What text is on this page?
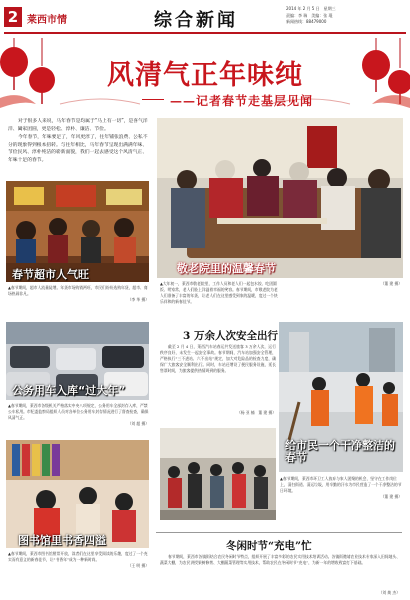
2 莱西市情	综合新闻
2014 年 2 月 5 日　 星期三
责编：李 瑞　美编：张 琨
新闻热线：88479000
风清气正年味纯
——记者春节走基层见闻

对于很多人来说，马年春节是均属于“马上有一切”，是喜气洋洋、阖家团圆，更是轻松、淳朴、廉洁、节俭。

今年春节，年味要足了，年风更淳了，往年铺张浪费、公私不分的现象得到根本扭转。与往年相比，马年春节呈现出满满年味、节俭民风、淳朴纯洁的崭新面貌，我们一起去感受这个风清气正、年味十足的春节。

春节超市人气旺
▲春节期间，超市人流量陡增。年货市场购销两旺，市民们纷纷选购年货，超市、商场热闹非凡。
（李 华 摄）
敬老院里的温馨春节
▲大年初一，莱西市敬老院里，工作人员和老人们一起包水饺、吃团圆饭、唠家常，老人们脸上洋溢着幸福的笑容。春节期间，市敬老院为老人们准备了丰富的年货，让老人们在这里感受到家的温暖，度过一个快乐祥和的新春佳节。
（董 建 摄）
公务用车入库“过大年”
▲春节期间，莱西市各级机关严格落实中央八项规定，公务用车全部封存入库，严禁公车私用。市纪委监察局组织人员对各单位公务用车封存情况进行了督查检查，确保风清气正。
（刘 超 摄）
3 万余人次安全出行
截至 2 月 4 日，莱西汽车站春运共发送旅客 3 万余人次，运行秩序良好，未发生一起安全事故。春节期间，汽车站加强安全管理，严格执行“三不进站、六不出站”规定，加大对危险品的检查力度，确保广大旅客安全顺利出行。同时，车站还增设了便民服务设施，延长售票时间，为旅客提供热情周到的服务。
（杨 亚 楠　董 建 摄）
给市民一个干净整洁的春节
▲春节期间，莱西市环卫工人放弃与家人团聚的机会，坚守在工作岗位上，清扫街道、清运垃圾，用辛勤的汗水为市民营造了一个干净整洁的节日环境。
（董 建 摄）
图书馆里书香四溢
▲春节期间，莱西市图书馆照常开放，读者们在这里享受阅读的乐趣，度过了一个充实而有意义的新春佳节，让“书香年”成为一种新时尚。
（王 明 摄）
冬闲时节“充电”忙
春节期间，莱西市各镇街结合农民冬闲时节特点，组织开展了丰富多彩的农民实用技术培训活动。各镇街邀请农业技术专家深入田间地头、蔬菜大棚，为农民讲授果树修剪、大棚蔬菜管理等实用技术，帮助农民在冬闲时节“充电”，为新一年的增收致富打下基础。
（刘 焕 杰）
